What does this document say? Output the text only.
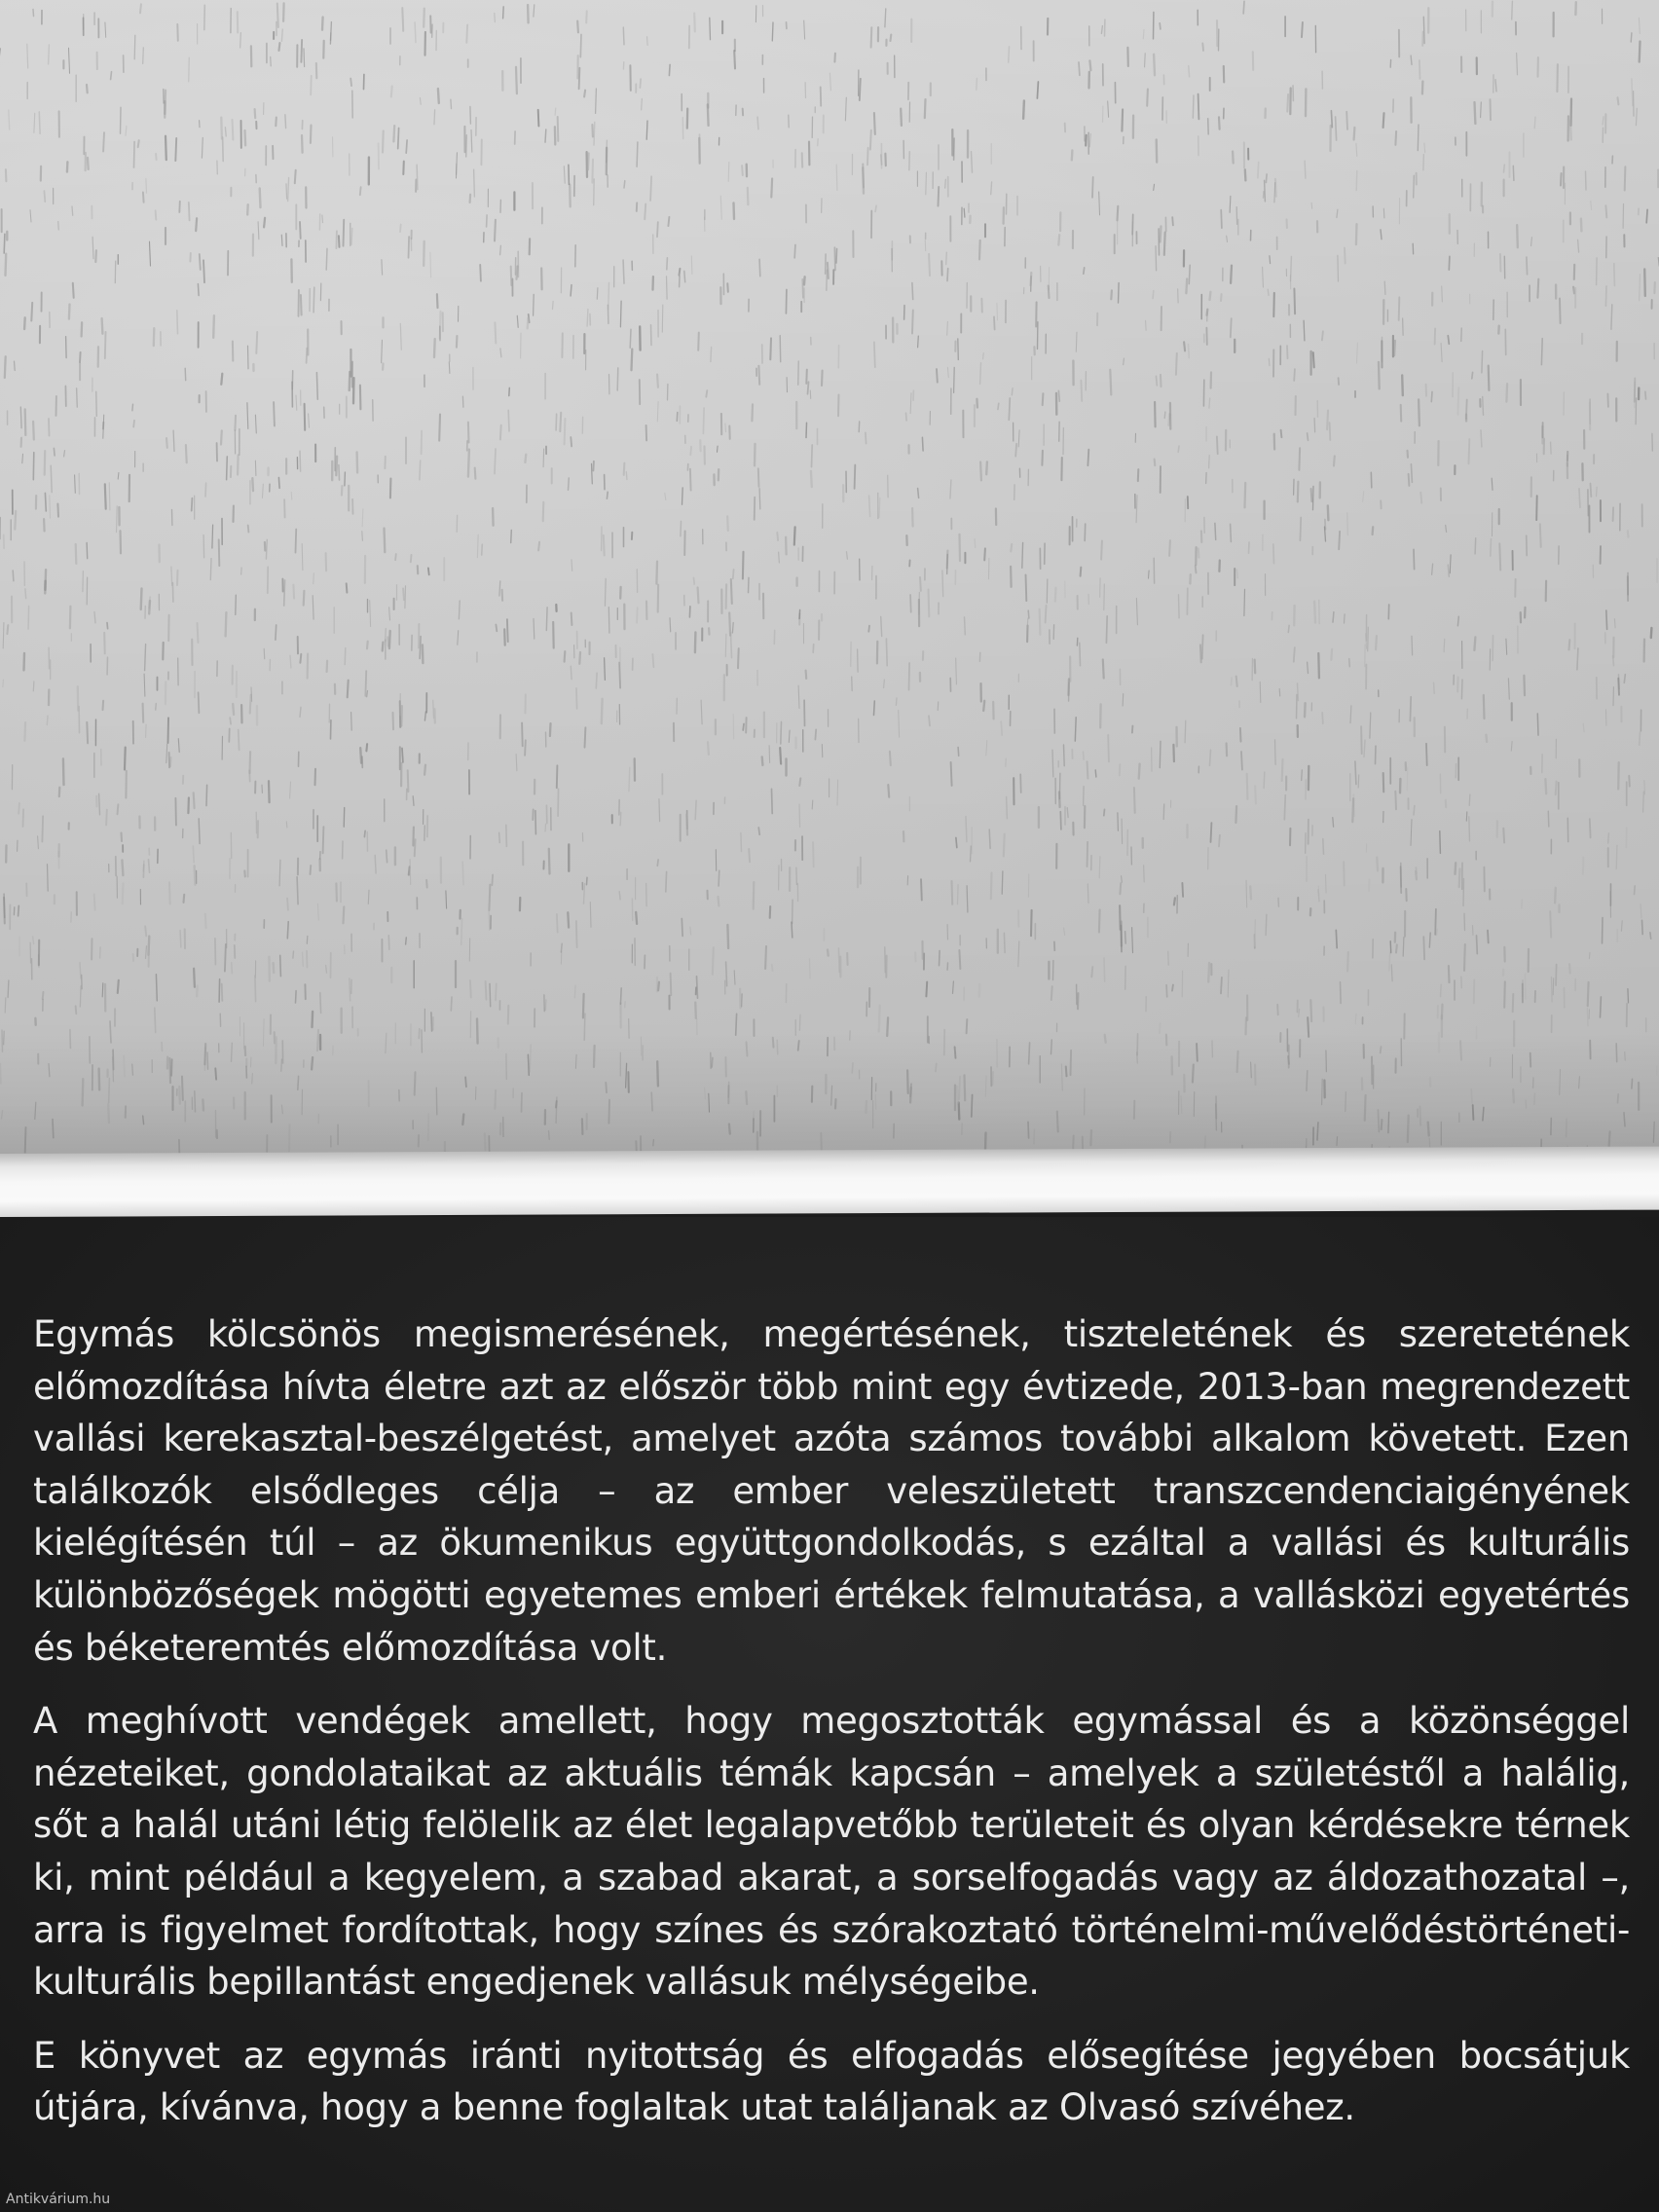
Egymás kölcsönös megismerésének, megértésének, tiszteletének és szeretetének előmozdítása hívta életre azt az először több mint egy évtizede, 2013-ban megrendezett vallási kerekasztal-beszélgetést, amelyet azóta számos további alkalom követett. Ezen találkozók elsődleges célja – az ember veleszületett transzcendenciaigényének kielégítésén túl – az ökumenikus együttgondolkodás, s ezáltal a vallási és kulturális különbözőségek mögötti egyetemes emberi értékek felmutatása, a vallásközi egyetértés és béketeremtés előmozdítása volt.

A meghívott vendégek amellett, hogy megosztották egymással és a közönséggel nézeteiket, gondolataikat az aktuális témák kapcsán – amelyek a születéstől a halálig, sőt a halál utáni létig felölelik az élet legalapvetőbb területeit és olyan kérdésekre térnek ki, mint például a kegyelem, a szabad akarat, a sorselfogadás vagy az áldozathozatal –, arra is figyelmet fordítottak, hogy színes és szórakoztató történelmi-művelődéstörténeti-kulturális bepillantást engedjenek vallásuk mélységeibe.

E könyvet az egymás iránti nyitottság és elfogadás elősegítése jegyében bocsátjuk útjára, kívánva, hogy a benne foglaltak utat találjanak az Olvasó szívéhez.

Antikvárium.hu
